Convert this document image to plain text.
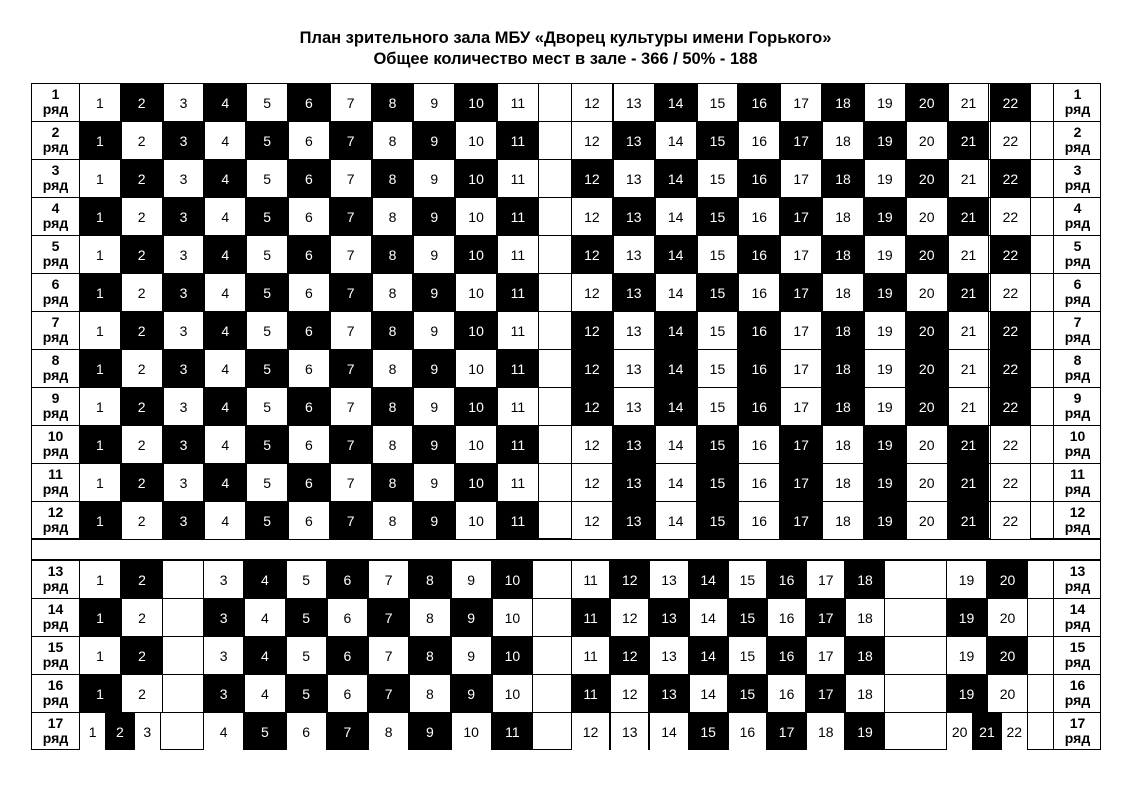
План зрительного зала МБУ «Дворец культуры имени Горького»
Общее количество мест в зале - 366 / 50% - 188
1
ряд
1
ряд
1	2	3	4	5	6	7	8	9	10	11	12	13	14	15	16	17	18	19	20	21	22
2
ряд
2
ряд
1	2	3	4	5	6	7	8	9	10	11	12	13	14	15	16	17	18	19	20	21	22
3
ряд
3
ряд
1	2	3	4	5	6	7	8	9	10	11	12	13	14	15	16	17	18	19	20	21	22
4
ряд
4
ряд
1	2	3	4	5	6	7	8	9	10	11	12	13	14	15	16	17	18	19	20	21	22
5
ряд
5
ряд
1	2	3	4	5	6	7	8	9	10	11	12	13	14	15	16	17	18	19	20	21	22
6
ряд
6
ряд
1	2	3	4	5	6	7	8	9	10	11	12	13	14	15	16	17	18	19	20	21	22
7
ряд
7
ряд
1	2	3	4	5	6	7	8	9	10	11	12	13	14	15	16	17	18	19	20	21	22
8
ряд
8
ряд
1	2	3	4	5	6	7	8	9	10	11	12	13	14	15	16	17	18	19	20	21	22
9
ряд
9
ряд
1	2	3	4	5	6	7	8	9	10	11	12	13	14	15	16	17	18	19	20	21	22
10
ряд
10
ряд
1	2	3	4	5	6	7	8	9	10	11	12	13	14	15	16	17	18	19	20	21	22
11
ряд
11
ряд
1	2	3	4	5	6	7	8	9	10	11	12	13	14	15	16	17	18	19	20	21	22
12
ряд
12
ряд
1	2	3	4	5	6	7	8	9	10	11	12	13	14	15	16	17	18	19	20	21	22
13
ряд
13
ряд
1	2	3	4	5	6	7	8	9	10	11	12	13	14	15	16	17	18	19	20
14
ряд
14
ряд
1	2	3	4	5	6	7	8	9	10	11	12	13	14	15	16	17	18	19	20
15
ряд
15
ряд
1	2	3	4	5	6	7	8	9	10	11	12	13	14	15	16	17	18	19	20
16
ряд
16
ряд
1	2	3	4	5	6	7	8	9	10	11	12	13	14	15	16	17	18	19	20
17
ряд
17
ряд
1	2	3	4	5	6	7	8	9	10	11	12	13	14	15	16	17	18	19	20 21 22
